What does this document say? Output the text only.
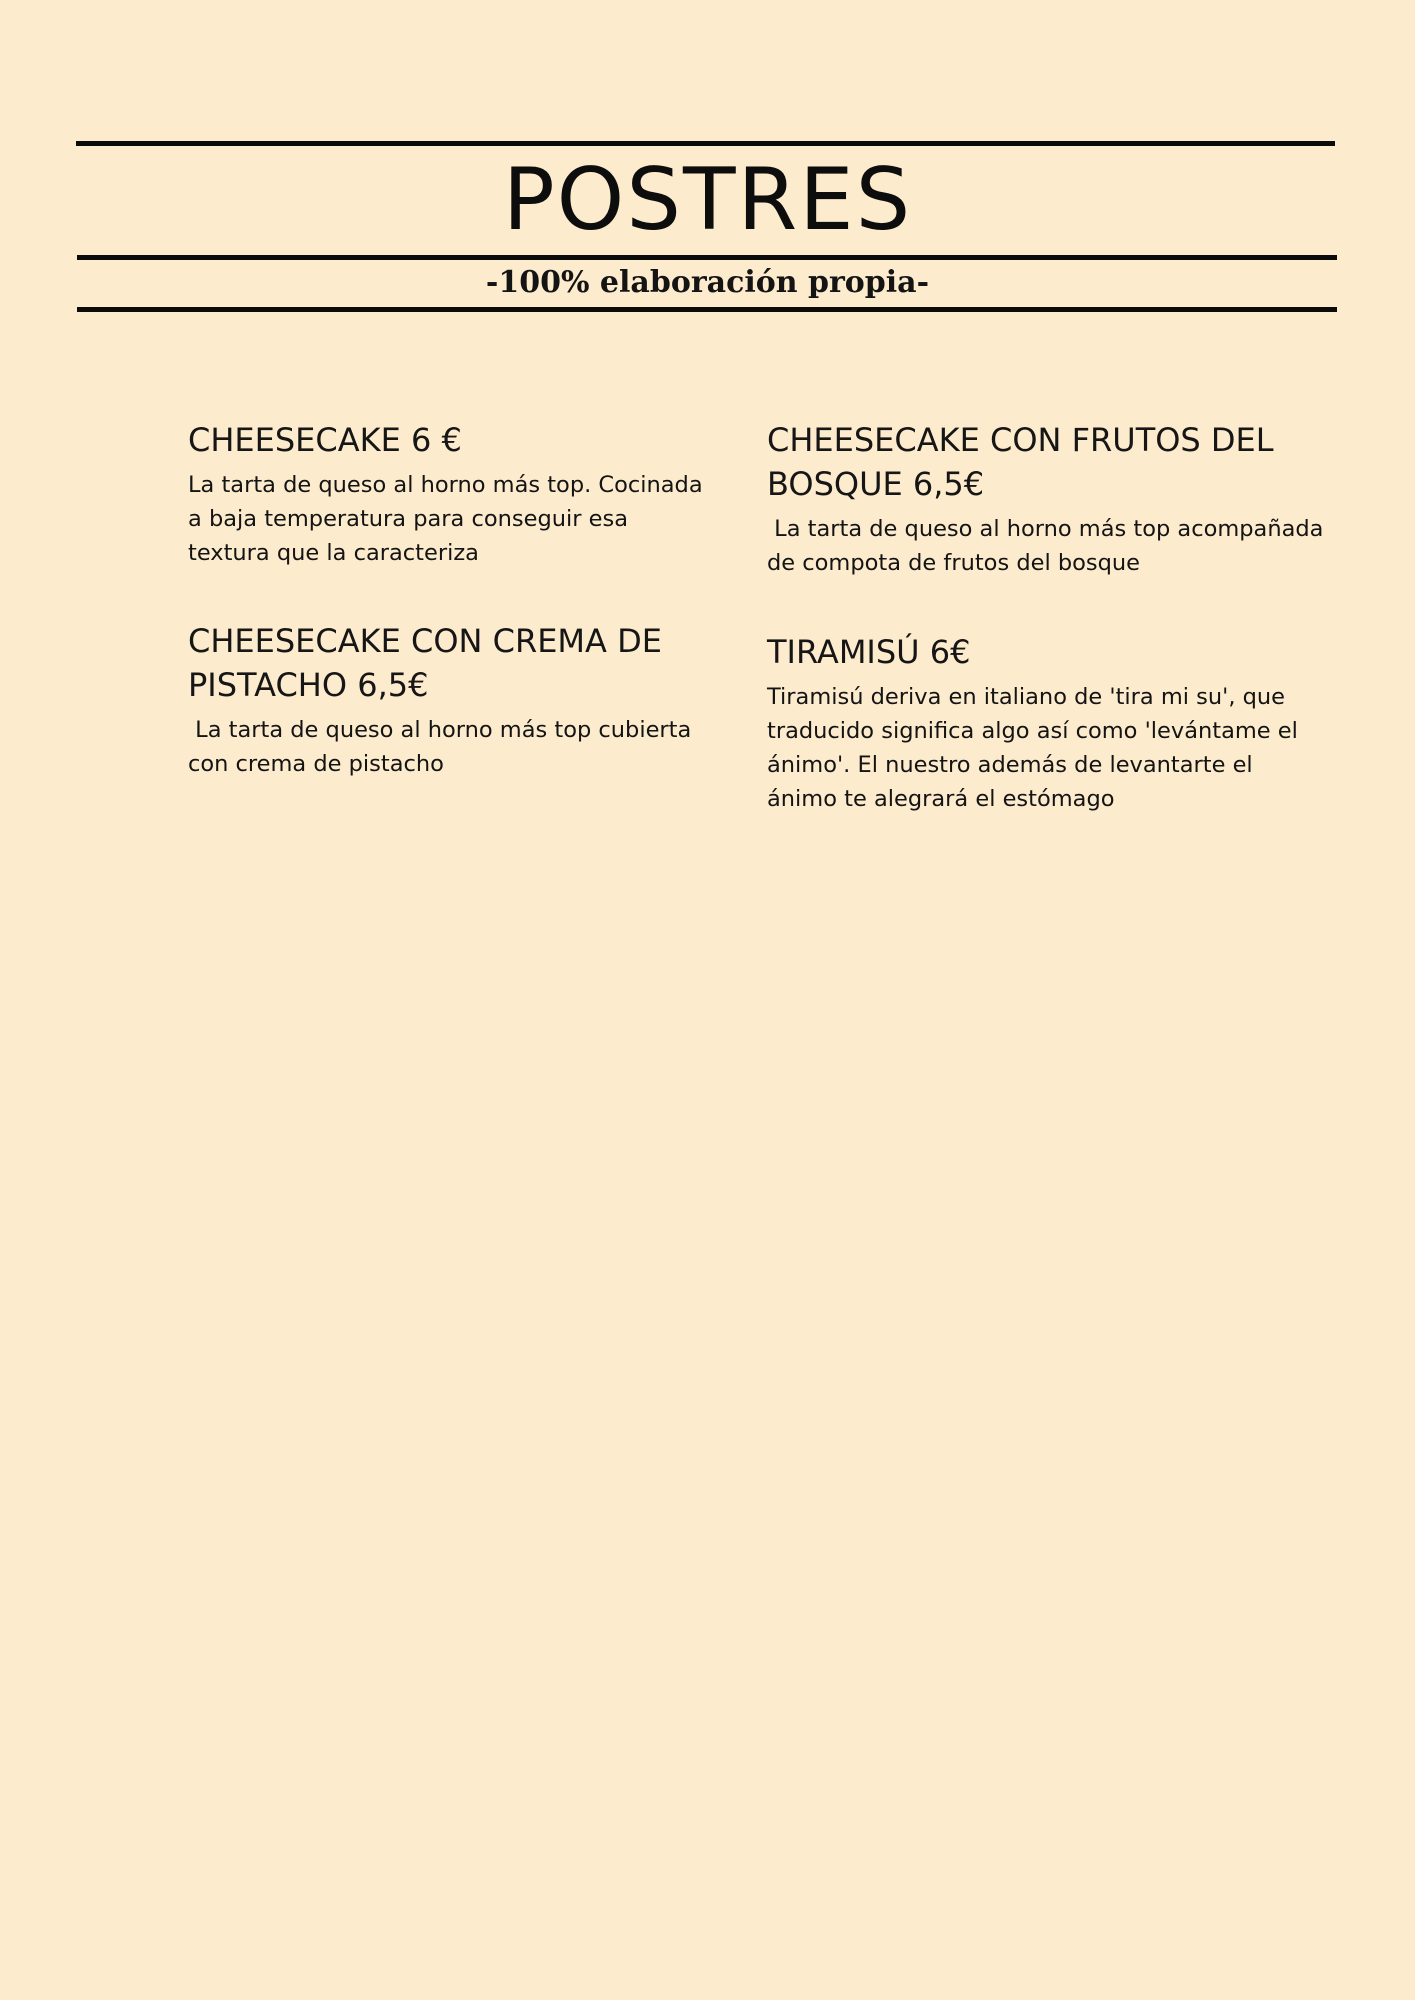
POSTRES
-100% elaboración propia-
CHEESECAKE 6 €

La tarta de queso al horno más top. Cocinada a baja temperatura para conseguir esa textura que la caracteriza

CHEESECAKE CON FRUTOS DEL BOSQUE 6,5€

La tarta de queso al horno más top acompañada de compota de frutos del bosque

CHEESECAKE CON CREMA DE PISTACHO 6,5€

La tarta de queso al horno más top cubierta con crema de pistacho

TIRAMISÚ 6€

Tiramisú deriva en italiano de 'tira mi su', que traducido significa algo así como 'levántame el ánimo'. El nuestro además de levantarte el ánimo te alegrará el estómago
